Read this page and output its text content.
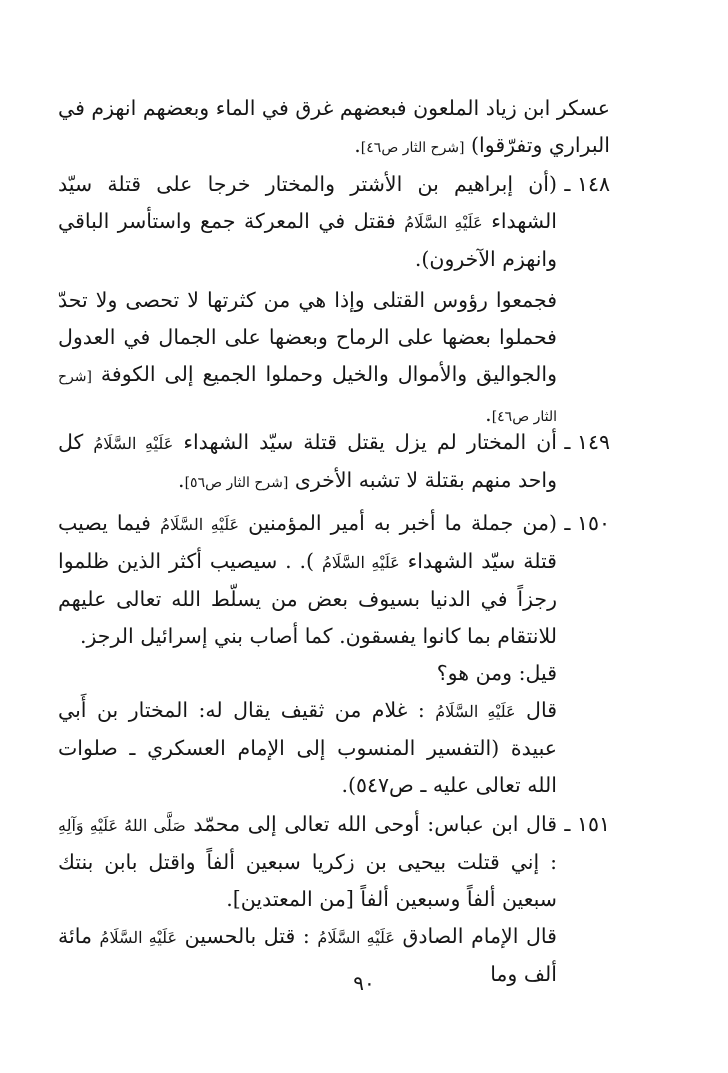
عسكر ابن زياد الملعون فبعضهم غرق في الماء وبعضهم انهزم في البراري وتفرّقوا) [شرح الثار ص٤٦].
١٤٨ ـ
(أن إبراهيم بن الأشتر والمختار خرجا على قتلة سيّد الشهداء عَلَيْهِ السَّلَامُ فقتل في المعركة جمع واستأسر الباقي وانهزم الآخرون).
فجمعوا رؤوس القتلى وإذا هي من كثرتها لا تحصى ولا تحدّ فحملوا بعضها على الرماح وبعضها على الجمال في العدول والجواليق والأموال والخيل وحملوا الجميع إلى الكوفة [شرح الثار ص٤٦].
١٤٩ ـ
أن المختار لم يزل يقتل قتلة سيّد الشهداء عَلَيْهِ السَّلَامُ كل واحد منهم بقتلة لا تشبه الأخرى [شرح الثار ص٥٦].
١٥٠ ـ
(من جملة ما أخبر به أمير المؤمنين عَلَيْهِ السَّلَامُ فيما يصيب قتلة سيّد الشهداء عَلَيْهِ السَّلَامُ ). . سيصيب أكثر الذين ظلموا رجزاً في الدنيا بسيوف بعض من يسلّط الله تعالى عليهم للانتقام بما كانوا يفسقون. كما أصاب بني إسرائيل الرجز.
قيل: ومن هو؟
قال عَلَيْهِ السَّلَامُ : غلام من ثقيف يقال له: المختار بن أَبي عبيدة (التفسير المنسوب إلى الإمام العسكري ـ صلوات الله تعالى عليه ـ ص٥٤٧).
١٥١ ـ
قال ابن عباس: أوحى الله تعالى إلى محمّد صَلَّى اللهُ عَلَيْهِ وَآلِهِ : إني قتلت بيحيى بن زكريا سبعين ألفاً واقتل بابن بنتك سبعين ألفاً وسبعين ألفاً [من المعتدين].
قال الإمام الصادق عَلَيْهِ السَّلَامُ : قتل بالحسين عَلَيْهِ السَّلَامُ مائة ألف وما
٩٠
